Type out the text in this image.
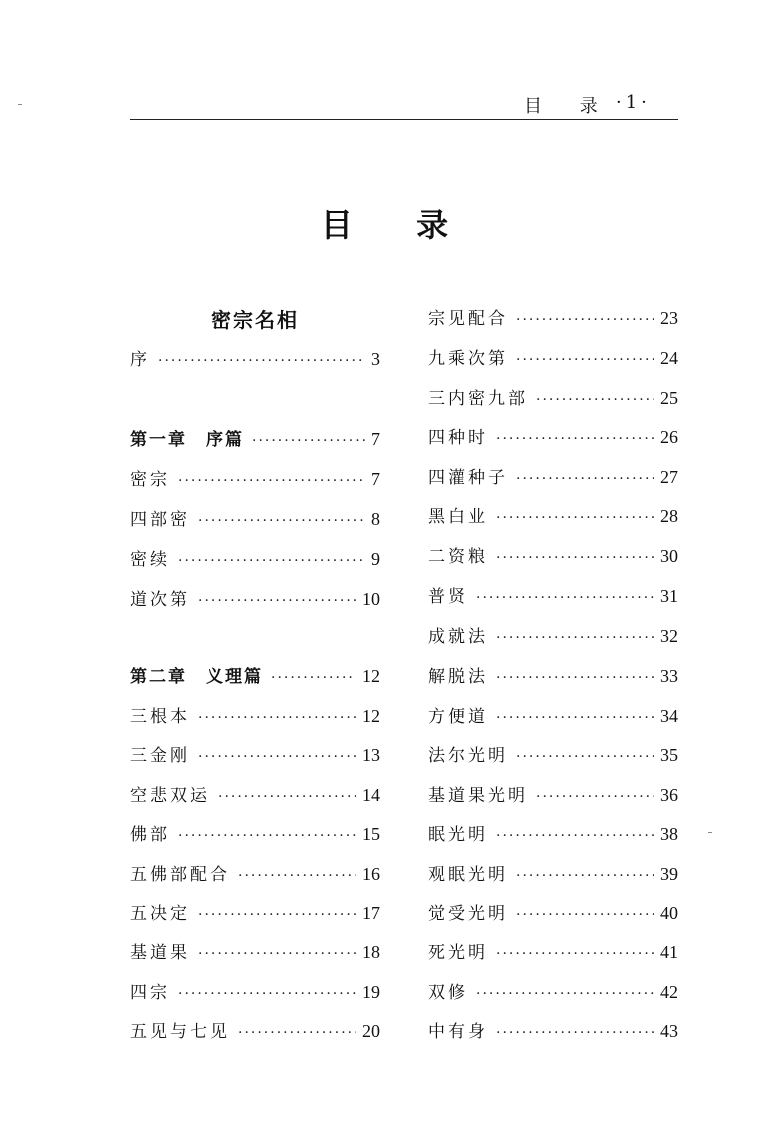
目 录 ·1·
目 录
密宗名相
序 ·····	3
第一章　序篇 ·····	7
密宗 ·····	7
四部密 ·····	8
密续 ·····	9
道次第 ·····	10
第二章　义理篇 ·····	12
三根本 ·····	12
三金刚 ·····	13
空悲双运 ·····	14
佛部 ·····	15
五佛部配合 ·····	16
五决定 ·····	17
基道果 ·····	18
四宗 ·····	19
五见与七见 ·····	20
宗见配合 ·····	23
九乘次第 ·····	24
三内密九部 ·····	25
四种时 ·····	26
四灌种子 ·····	27
黑白业 ·····	28
二资粮 ·····	30
普贤 ·····	31
成就法 ·····	32
解脱法 ·····	33
方便道 ·····	34
法尔光明 ·····	35
基道果光明 ·····	36
眠光明 ·····	38
观眠光明 ·····	39
觉受光明 ·····	40
死光明 ·····	41
双修 ·····	42
中有身 ·····	43
